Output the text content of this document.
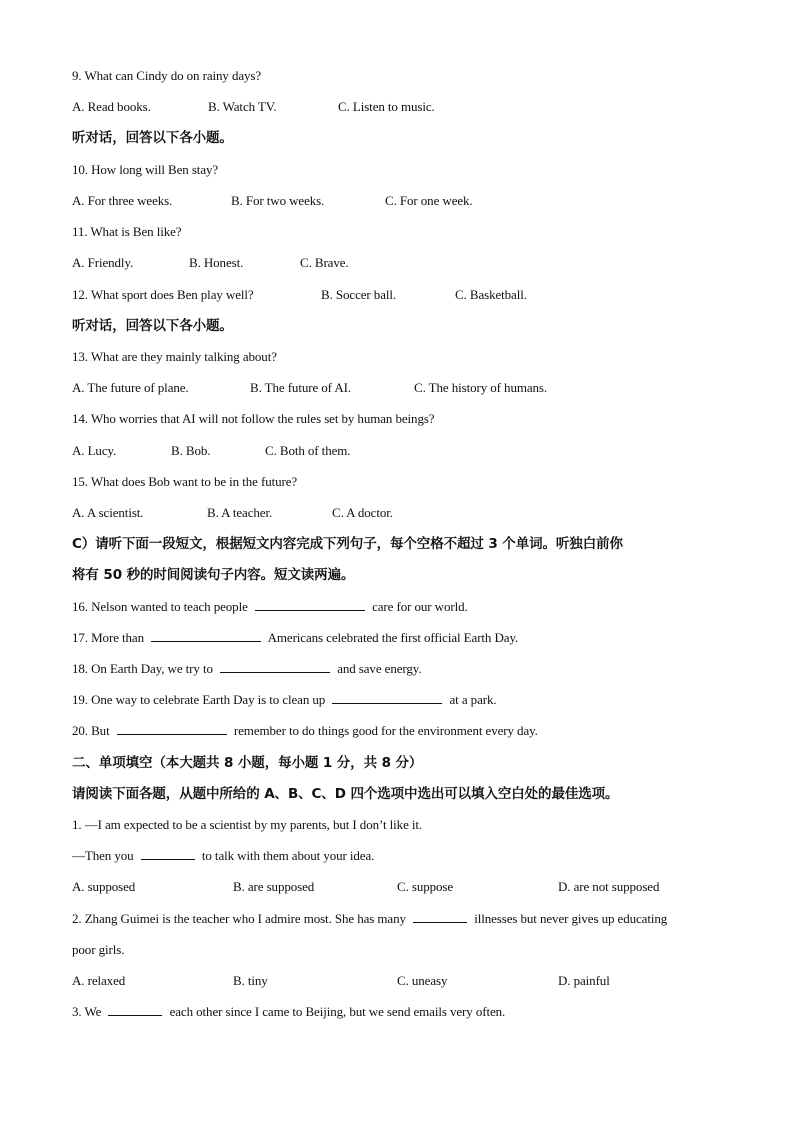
9. What can Cindy do on rainy days?
A. Read books.	B. Watch TV.	C. Listen to music.
听对话，回答以下各小题。
10. How long will Ben stay?
A. For three weeks.	B. For two weeks.	C. For one week.
11. What is Ben like?
A. Friendly.	B. Honest.	C. Brave.
12. What sport does Ben play well?	B. Soccer ball.	C. Basketball.
听对话，回答以下各小题。
13. What are they mainly talking about?
A. The future of plane.	B. The future of AI.	C. The history of humans.
14. Who worries that AI will not follow the rules set by human beings?
A. Lucy.	B. Bob.	C. Both of them.
15. What does Bob want to be in the future?
A. A scientist.	B. A teacher.	C. A doctor.
C）请听下面一段短文，根据短文内容完成下列句子，每个空格不超过 3 个单词。听独白前你
将有 50 秒的时间阅读句子内容。短文读两遍。
16. Nelson wanted to teach people	care for our world.
17. More than	Americans celebrated the first official Earth Day.
18. On Earth Day, we try to	and save energy.
19. One way to celebrate Earth Day is to clean up	at a park.
20. But	remember to do things good for the environment every day.
二、单项填空（本大题共 8 小题，每小题 1 分，共 8 分）
请阅读下面各题，从题中所给的 A、B、C、D 四个选项中选出可以填入空白处的最佳选项。
1. —I am expected to be a scientist by my parents, but I don’t like it.
—Then you	to talk with them about your idea.
A. supposed	B. are supposed	C. suppose	D. are not supposed
2. Zhang Guimei is the teacher who I admire most. She has many	illnesses but never gives up educating
poor girls.
A. relaxed	B. tiny	C. uneasy	D. painful
3. We	each other since I came to Beijing, but we send emails very often.
